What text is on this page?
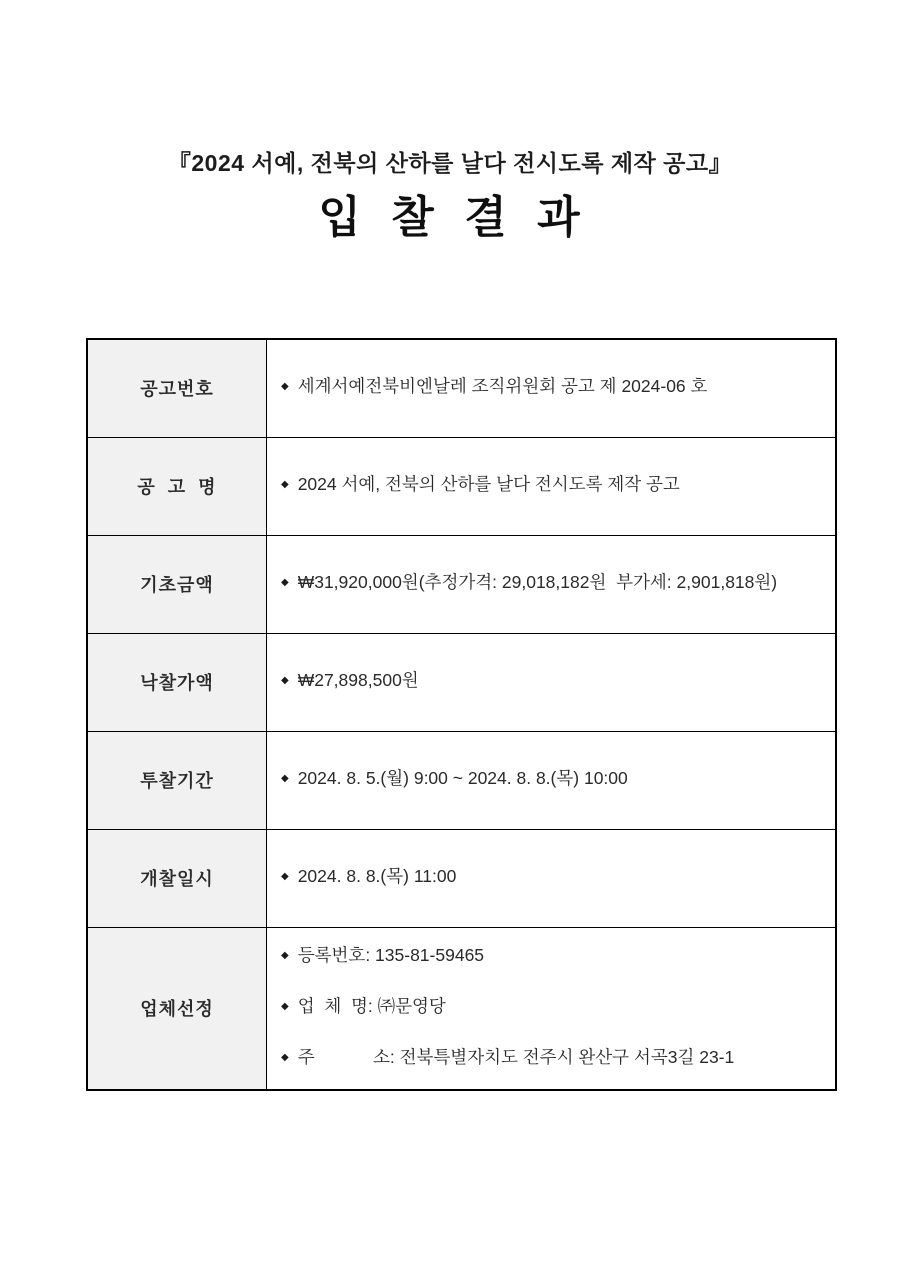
『2024 서예, 전북의 산하를 날다 전시도록 제작 공고』
입  찰  결  과
공고번호	◆ 세계서예전북비엔날레 조직위원회 공고 제 2024-06 호

공  고  명	◆ 2024 서예, 전북의 산하를 날다 전시도록 제작 공고

기초금액	◆ ₩31,920,000원(추정가격: 29,018,182원  부가세: 2,901,818원)

낙찰가액	◆ ₩27,898,500원

투찰기간	◆ 2024. 8. 5.(월) 9:00 ~ 2024. 8. 8.(목) 10:00

개찰일시	◆ 2024. 8. 8.(목) 11:00

업체선정	
◆ 등록번호: 135-81-59465
◆ 업  체  명: ㈜문영당
◆ 주            소: 전북특별자치도 전주시 완산구 서곡3길 23-1
